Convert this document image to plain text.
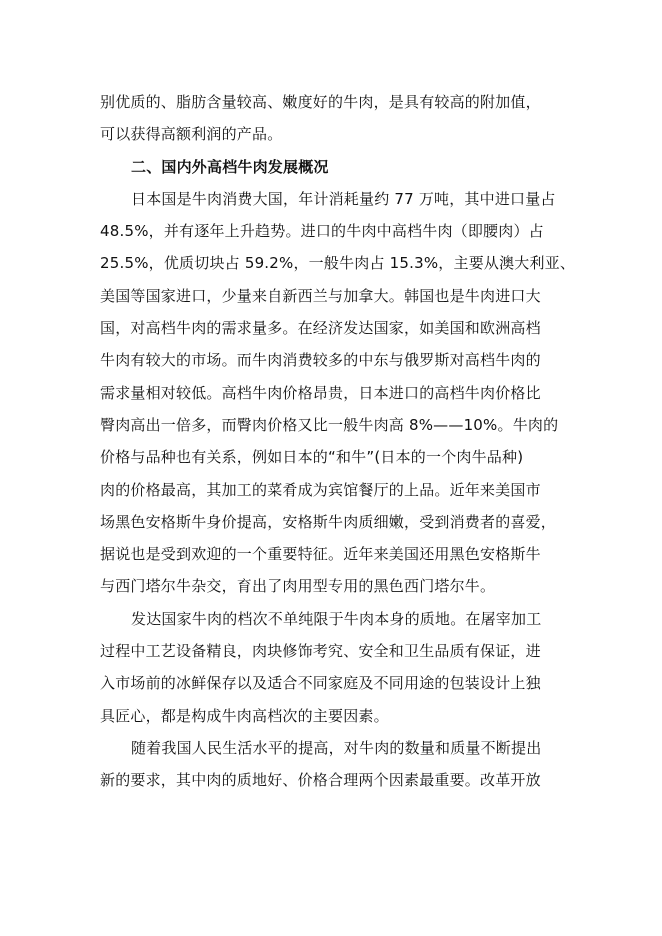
别优质的、脂肪含量较高、嫩度好的牛肉，是具有较高的附加值，
可以获得高额利润的产品。
二、国内外高档牛肉发展概况
日本国是牛肉消费大国，年计消耗量约 77 万吨，其中进口量占
48.5%，并有逐年上升趋势。进口的牛肉中高档牛肉（即腰肉）占
25.5%，优质切块占 59.2%，一般牛肉占 15.3%，主要从澳大利亚、
美国等国家进口，少量来自新西兰与加拿大。韩国也是牛肉进口大
国，对高档牛肉的需求量多。在经济发达国家，如美国和欧洲高档
牛肉有较大的市场。而牛肉消费较多的中东与俄罗斯对高档牛肉的
需求量相对较低。高档牛肉价格昂贵，日本进口的高档牛肉价格比
臀肉高出一倍多，而臀肉价格又比一般牛肉高 8%——10%。牛肉的
价格与品种也有关系，例如日本的“和牛”(日本的一个肉牛品种)
肉的价格最高，其加工的菜肴成为宾馆餐厅的上品。近年来美国市
场黑色安格斯牛身价提高，安格斯牛肉质细嫩，受到消费者的喜爱，
据说也是受到欢迎的一个重要特征。近年来美国还用黑色安格斯牛
与西门塔尔牛杂交，育出了肉用型专用的黑色西门塔尔牛。
发达国家牛肉的档次不单纯限于牛肉本身的质地。在屠宰加工
过程中工艺设备精良，肉块修饰考究、安全和卫生品质有保证，进
入市场前的冰鲜保存以及适合不同家庭及不同用途的包装设计上独
具匠心，都是构成牛肉高档次的主要因素。
随着我国人民生活水平的提高，对牛肉的数量和质量不断提出
新的要求，其中肉的质地好、价格合理两个因素最重要。改革开放
